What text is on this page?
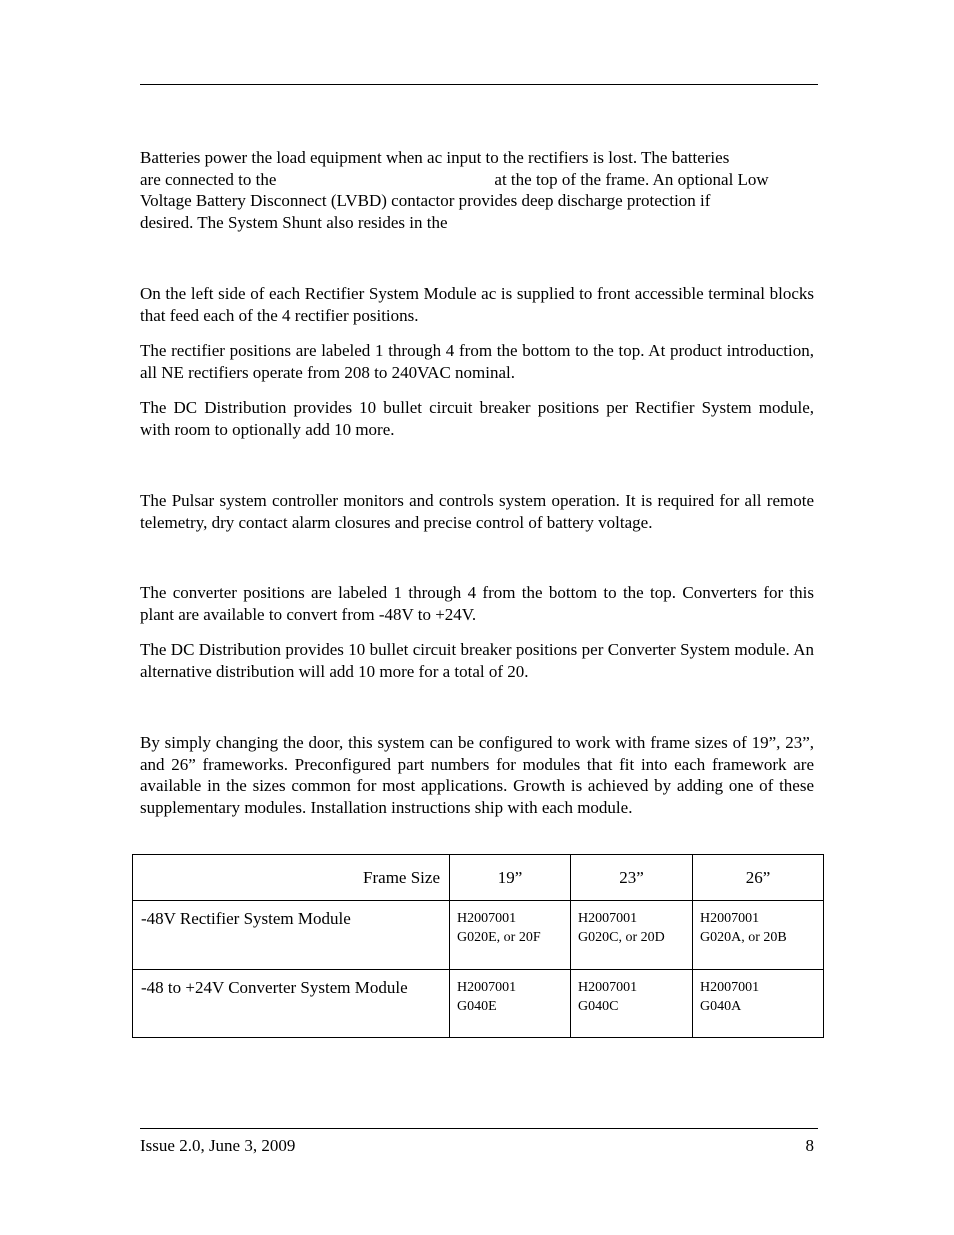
Batteries power the load equipment when ac input to the rectifiers is lost. The batteries
are connected to the	at the top of the frame. An optional Low
Voltage Battery Disconnect (LVBD) contactor provides deep discharge protection if
desired. The System Shunt also resides in the

On the left side of each Rectifier System Module ac is supplied to front accessible terminal blocks that feed each of the 4 rectifier positions.

The rectifier positions are labeled 1 through 4 from the bottom to the top. At product introduction, all NE rectifiers operate from 208 to 240VAC nominal.

The DC Distribution provides 10 bullet circuit breaker positions per Rectifier System module, with room to optionally add 10 more.

The Pulsar system controller monitors and controls system operation. It is required for all remote telemetry, dry contact alarm closures and precise control of battery voltage.

The converter positions are labeled 1 through 4 from the bottom to the top. Converters for this plant are available to convert from -48V to +24V.

The DC Distribution provides 10 bullet circuit breaker positions per Converter System module. An alternative distribution will add 10 more for a total of 20.

By simply changing the door, this system can be configured to work with frame sizes of 19”, 23”, and 26” frameworks. Preconfigured part numbers for modules that fit into each framework are available in the sizes common for most applications. Growth is achieved by adding one of these supplementary modules. Installation instructions ship with each module.

Frame Size	19”	23”	26”
-48V Rectifier System Module	H2007001
G020E, or 20F	H2007001
G020C, or 20D	H2007001
G020A, or 20B
-48 to +24V Converter System Module	H2007001
G040E	H2007001
G040C	H2007001
G040A
Issue 2.0, June 3, 2009	8
